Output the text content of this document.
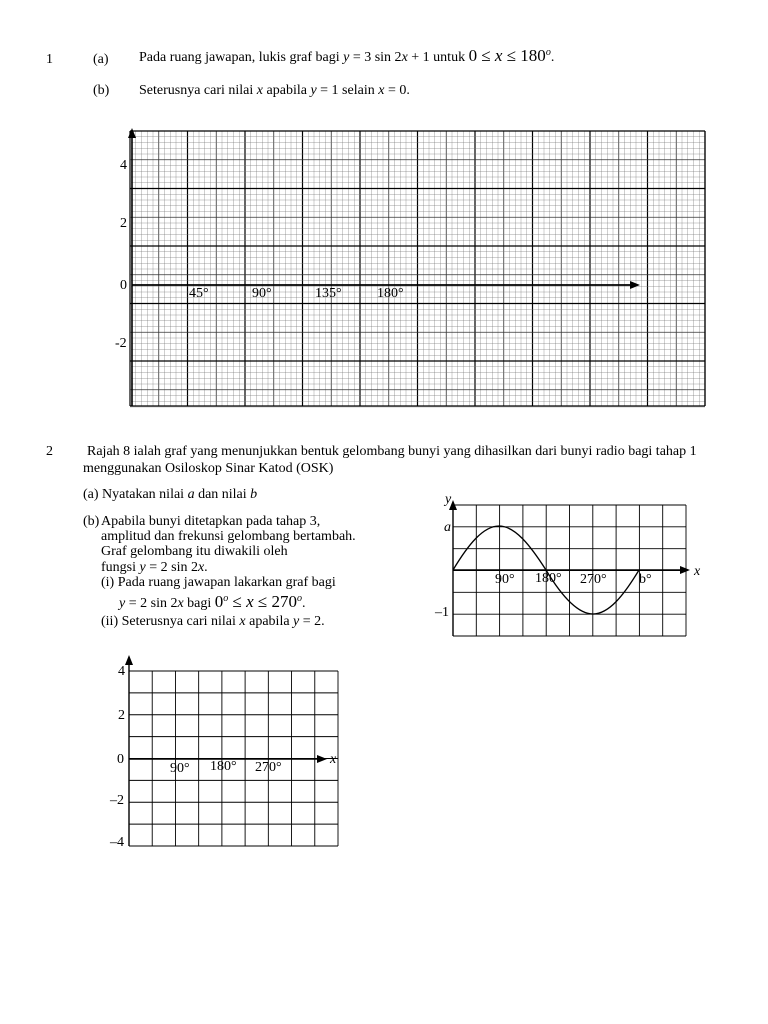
1	(a) Pada ruang jawapan, lukis graf bagi y = 3 sin 2x + 1 untuk $0 \le x \le 180^o$.
(b) Seterusnya cari nilai x apabila y = 1 selain x = 0.
4
2
0
-2
45°	90°	135°	180°
2 Rajah 8 ialah graf yang menunjukkan bentuk gelombang bunyi yang dihasilkan dari bunyi radio bagi tahap 1
menggunakan Osiloskop Sinar Katod (OSK)
(a) Nyatakan nilai a dan nilai b
(b) Apabila bunyi ditetapkan pada tahap 3,
amplitud dan frekunsi gelombang bertambah.
Graf gelombang itu diwakili oleh
fungsi y = 2 sin 2x.
(i) Pada ruang jawapan lakarkan graf bagi
y = 2 sin 2x bagi $0^o \le x \le 270^o$.
(ii) Seterusnya cari nilai x apabila y = 2.
y
x
a
–1
90° 180° 270° b°
4
2
0
–2
–4
90° 180° 270°
x
